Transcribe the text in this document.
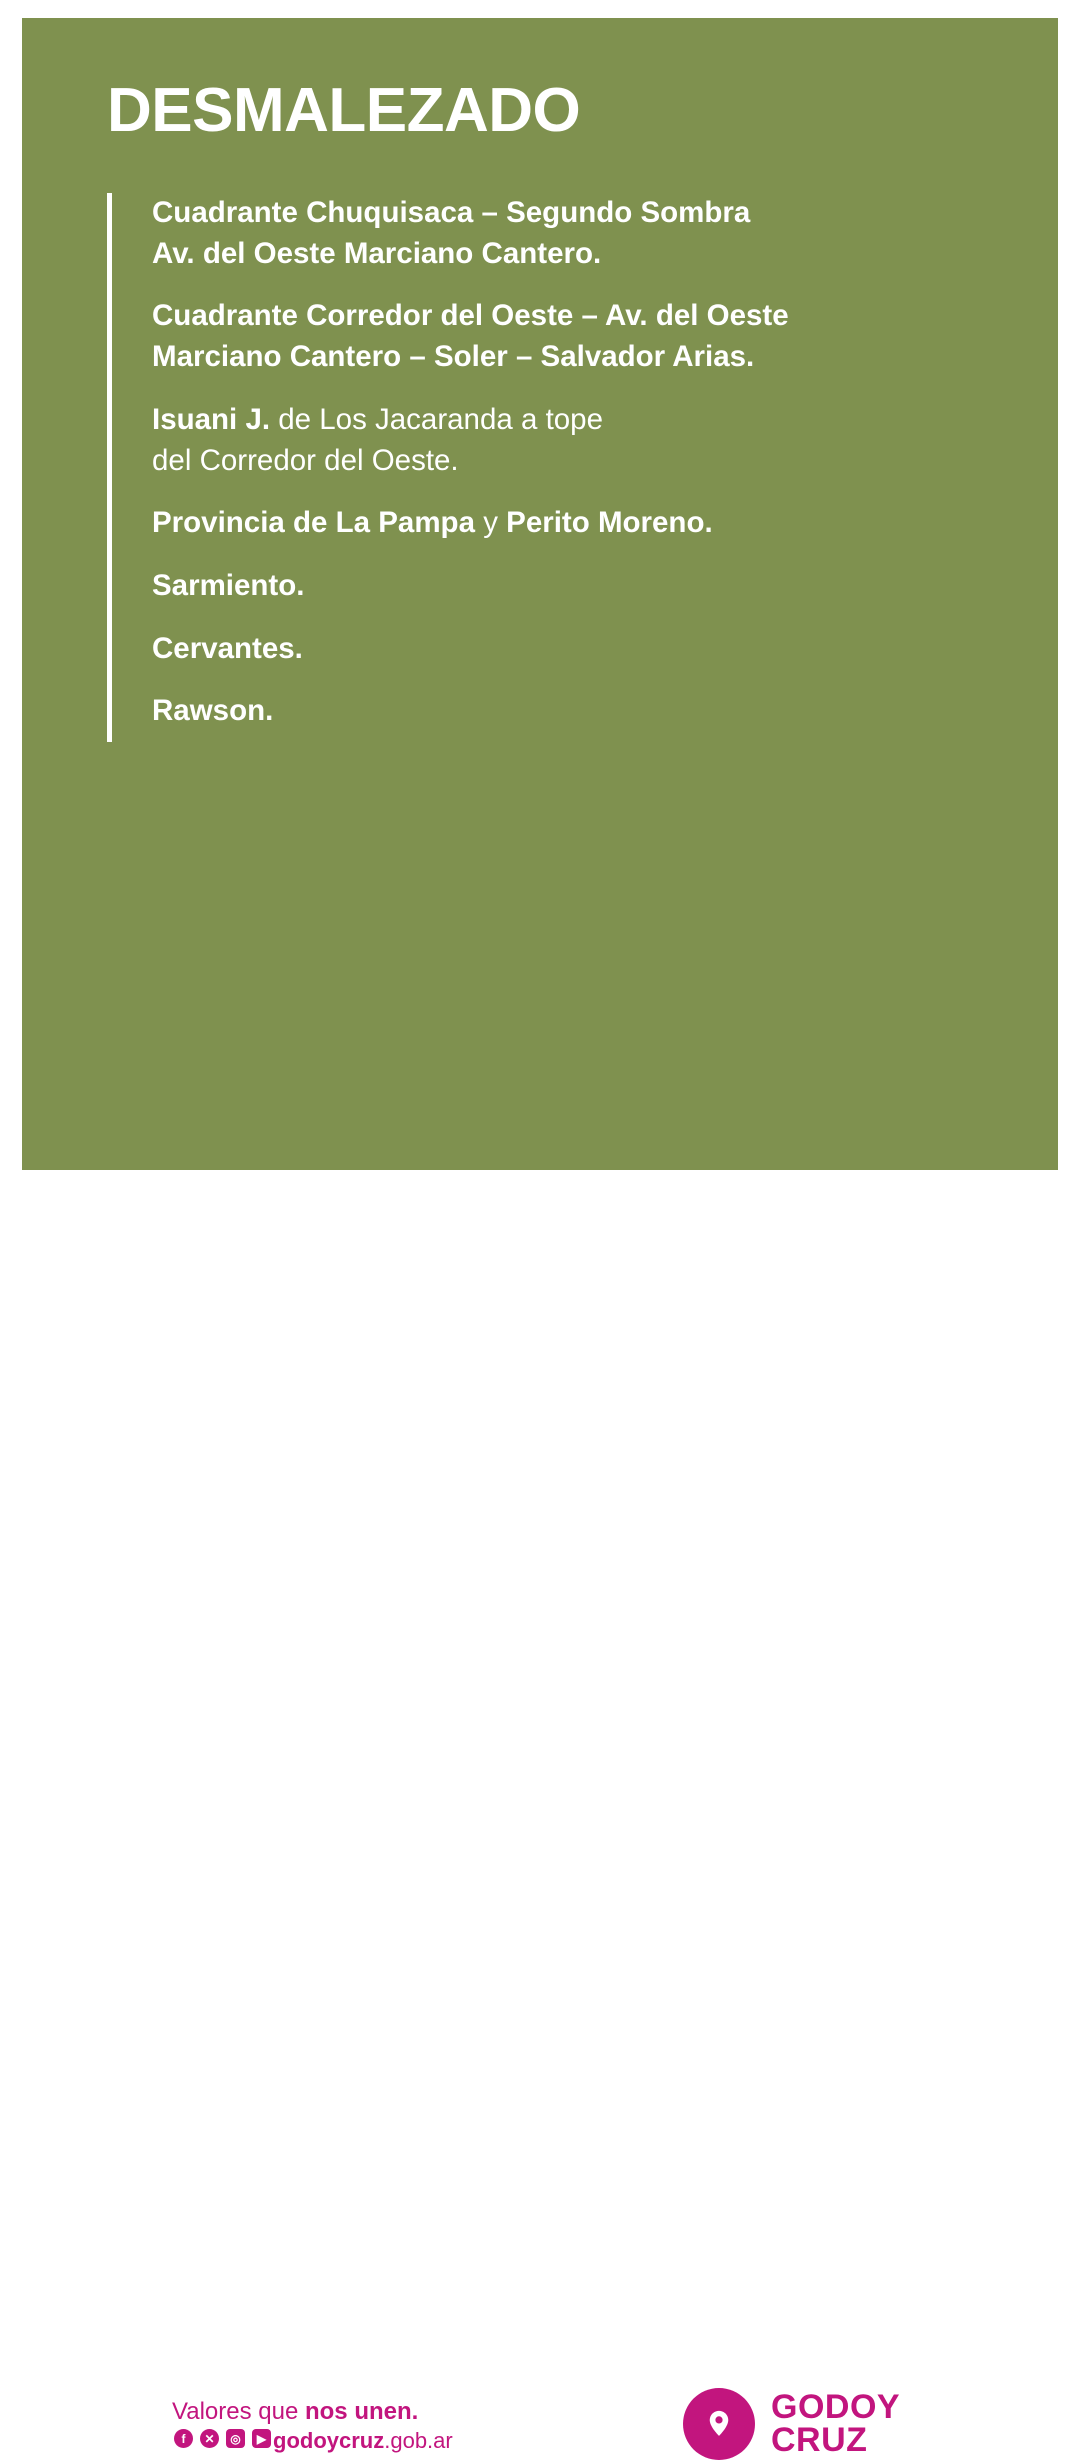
DESMALEZADO
Cuadrante Chuquisaca – Segundo Sombra
Av. del Oeste Marciano Cantero.
Cuadrante Corredor del Oeste – Av. del Oeste
Marciano Cantero – Soler – Salvador Arias.
Isuani J. de Los Jacaranda a tope
del Corredor del Oeste.
Provincia de La Pampa y Perito Moreno.
Sarmiento.
Cervantes.
Rawson.
Valores que nos unen.
f	✕	◎	▶ godoycruz.gob.ar
GODOY
CRUZ
